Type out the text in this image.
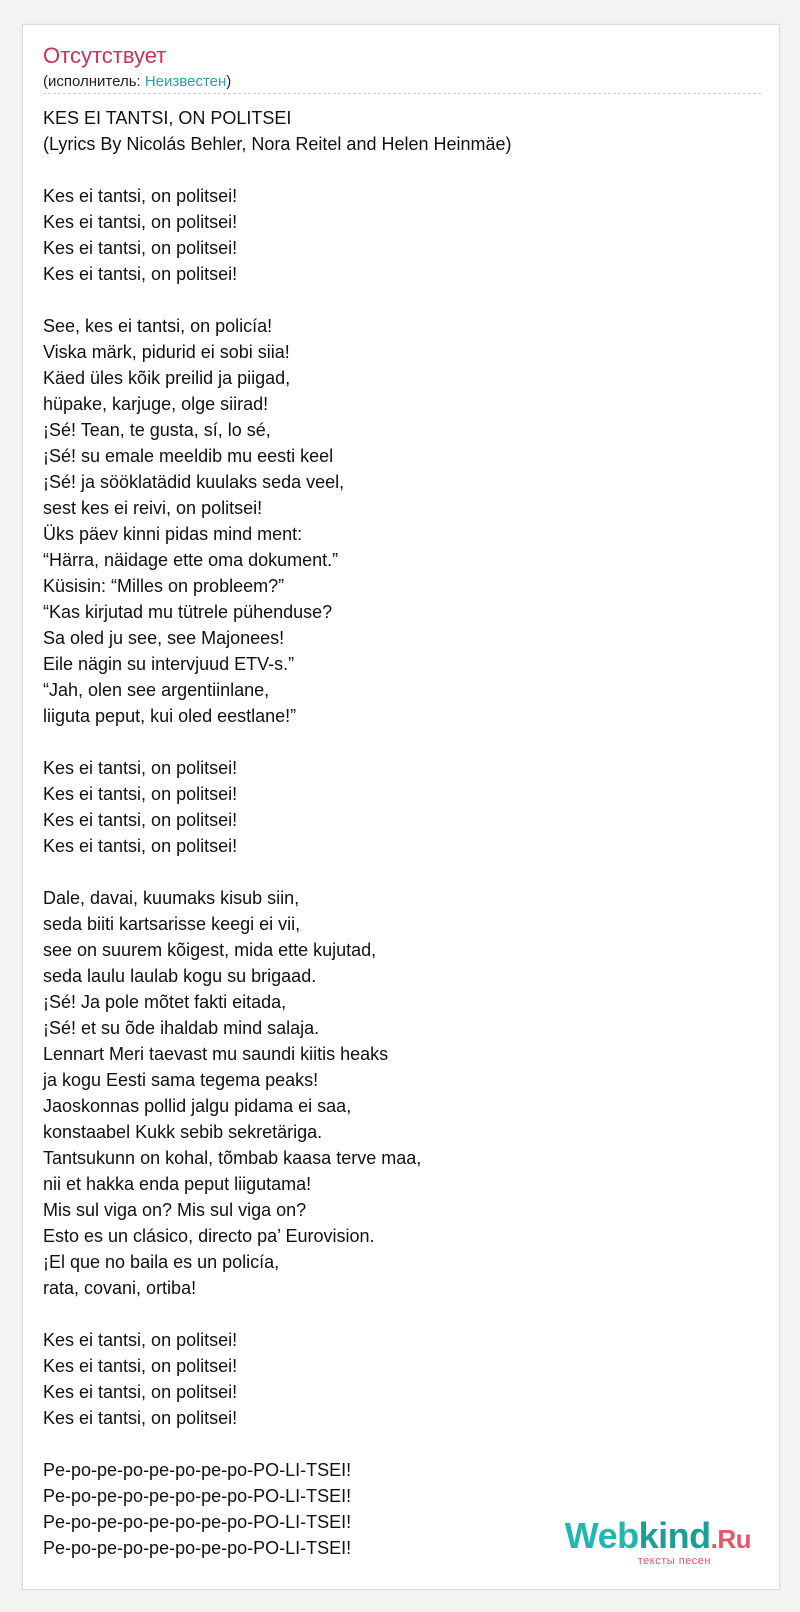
Отсутствует
(исполнитель: Неизвестен)
KES EI TANTSI, ON POLITSEI
(Lyrics By Nicolás Behler, Nora Reitel and Helen Heinmäe)
Kes ei tantsi, on politsei!
Kes ei tantsi, on politsei!
Kes ei tantsi, on politsei!
Kes ei tantsi, on politsei!
See, kes ei tantsi, on policía!
Viska märk, pidurid ei sobi siia!
Käed üles kõik preilid ja piigad,
hüpake, karjuge, olge siirad!
¡Sé! Tean, te gusta, sí, lo sé,
¡Sé! su emale meeldib mu eesti keel
¡Sé! ja sööklatädid kuulaks seda veel,
sest kes ei reivi, on politsei!
Üks päev kinni pidas mind ment:
“Härra, näidage ette oma dokument.”
Küsisin: “Milles on probleem?”
“Kas kirjutad mu tütrele pühenduse?
Sa oled ju see, see Majonees!
Eile nägin su intervjuud ETV-s.”
“Jah, olen see argentiinlane,
liiguta peput, kui oled eestlane!”
Kes ei tantsi, on politsei!
Kes ei tantsi, on politsei!
Kes ei tantsi, on politsei!
Kes ei tantsi, on politsei!
Dale, davai, kuumaks kisub siin,
seda biiti kartsarisse keegi ei vii,
see on suurem kõigest, mida ette kujutad,
seda laulu laulab kogu su brigaad.
¡Sé! Ja pole mõtet fakti eitada,
¡Sé! et su õde ihaldab mind salaja.
Lennart Meri taevast mu saundi kiitis heaks
ja kogu Eesti sama tegema peaks!
Jaoskonnas pollid jalgu pidama ei saa,
konstaabel Kukk sebib sekretäriga.
Tantsukunn on kohal, tõmbab kaasa terve maa,
nii et hakka enda peput liigutama!
Mis sul viga on? Mis sul viga on?
Esto es un clásico, directo pa’ Eurovision.
¡El que no baila es un policía,
rata, covani, ortiba!
Kes ei tantsi, on politsei!
Kes ei tantsi, on politsei!
Kes ei tantsi, on politsei!
Kes ei tantsi, on politsei!
Pe-po-pe-po-pe-po-pe-po-PO-LI-TSEI!
Pe-po-pe-po-pe-po-pe-po-PO-LI-TSEI!
Pe-po-pe-po-pe-po-pe-po-PO-LI-TSEI!
Pe-po-pe-po-pe-po-pe-po-PO-LI-TSEI!	Webkind.Ru
тексты песен
